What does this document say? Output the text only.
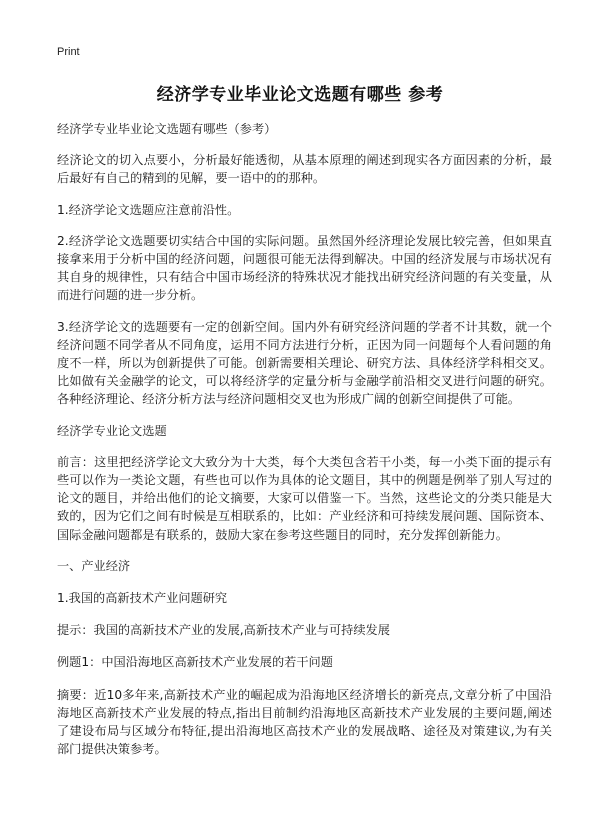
Print
经济学专业毕业论文选题有哪些 参考

经济学专业毕业论文选题有哪些（参考）

经济论文的切入点要小，分析最好能透彻，从基本原理的阐述到现实各方面因素的分析，最后最好有自己的精到的见解，要一语中的的那种。

1.经济学论文选题应注意前沿性。

2.经济学论文选题要切实结合中国的实际问题。虽然国外经济理论发展比较完善，但如果直接拿来用于分析中国的经济问题，问题很可能无法得到解决。中国的经济发展与市场状况有其自身的规律性，只有结合中国市场经济的特殊状况才能找出研究经济问题的有关变量，从而进行问题的进一步分析。

3.经济学论文的选题要有一定的创新空间。国内外有研究经济问题的学者不计其数，就一个经济问题不同学者从不同角度，运用不同方法进行分析，正因为同一问题每个人看问题的角度不一样，所以为创新提供了可能。创新需要相关理论、研究方法、具体经济学科相交叉。比如做有关金融学的论文，可以将经济学的定量分析与金融学前沿相交叉进行问题的研究。各种经济理论、经济分析方法与经济问题相交叉也为形成广阔的创新空间提供了可能。

经济学专业论文选题

前言：这里把经济学论文大致分为十大类，每个大类包含若干小类，每一小类下面的提示有些可以作为一类论文题，有些也可以作为具体的论文题目，其中的例题是例举了别人写过的论文的题目，并给出他们的论文摘要，大家可以借鉴一下。当然，这些论文的分类只能是大致的，因为它们之间有时候是互相联系的，比如：产业经济和可持续发展问题、国际资本、国际金融问题都是有联系的，鼓励大家在参考这些题目的同时，充分发挥创新能力。

一、产业经济

1.我国的高新技术产业问题研究

提示：我国的高新技术产业的发展,高新技术产业与可持续发展

例题1：中国沿海地区高新技术产业发展的若干问题

摘要：近10多年来,高新技术产业的崛起成为沿海地区经济增长的新亮点,文章分析了中国沿海地区高新技术产业发展的特点,指出目前制约沿海地区高新技术产业发展的主要问题,阐述了建设布局与区域分布特征,提出沿海地区高技术产业的发展战略、途径及对策建议,为有关部门提供决策参考。
